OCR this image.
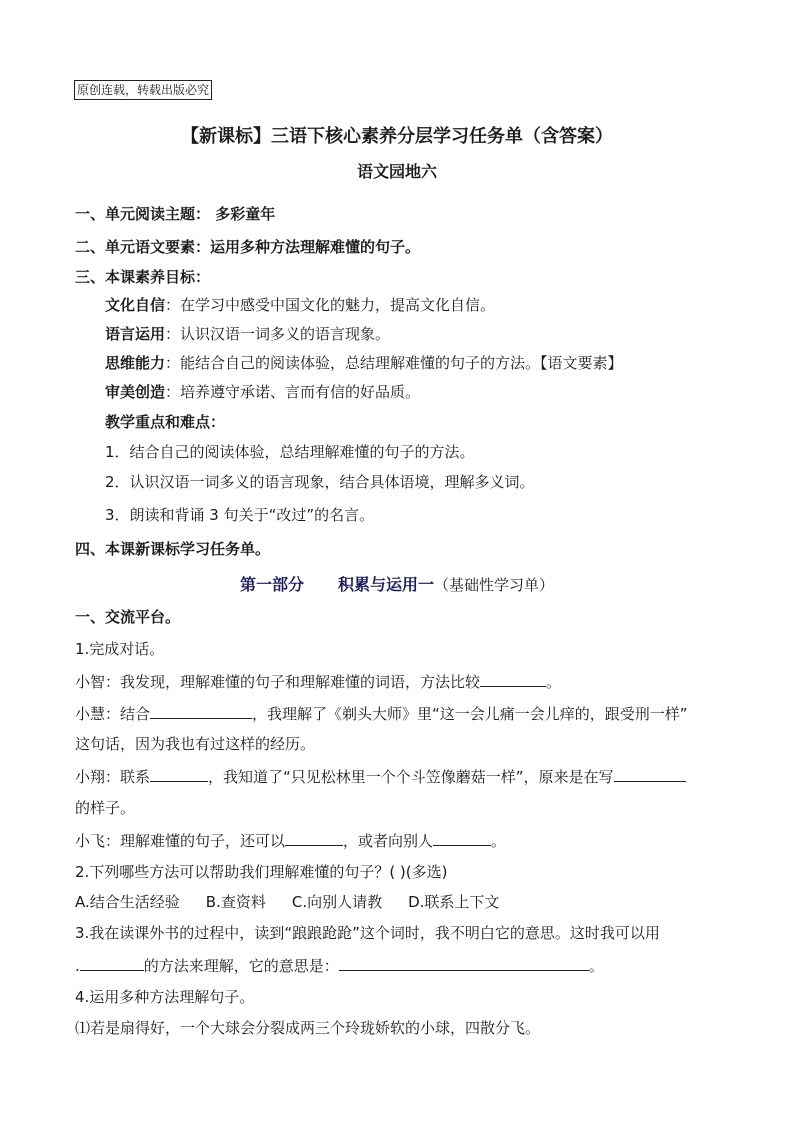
原创连载，转载出版必究
【新课标】三语下核心素养分层学习任务单（含答案）
语文园地六
一、单元阅读主题： 多彩童年
二、单元语文要素：运用多种方法理解难懂的句子。
三、本课素养目标：
文化自信：在学习中感受中国文化的魅力，提高文化自信。
语言运用：认识汉语一词多义的语言现象。
思维能力：能结合自己的阅读体验，总结理解难懂的句子的方法。【语文要素】
审美创造：培养遵守承诺、言而有信的好品质。
教学重点和难点：
1．结合自己的阅读体验，总结理解难懂的句子的方法。
2．认识汉语一词多义的语言现象，结合具体语境，理解多义词。
3．朗读和背诵 3 句关于“改过”的名言。
四、本课新课标学习任务单。
第一部分 积累与运用一（基础性学习单）
一、交流平台。
1.完成对话。
小智：我发现，理解难懂的句子和理解难懂的词语，方法比较	。
小慧：结合	，我理解了《剃头大师》里“这一会儿痛一会儿痒的，跟受刑一样”
这句话，因为我也有过这样的经历。
小翔：联系	，我知道了“只见松林里一个个斗笠像蘑菇一样”，原来是在写
的样子。
小飞：理解难懂的句子，还可以	，或者向别人	。
2.下列哪些方法可以帮助我们理解难懂的句子？( )(多选)
A.结合生活经验 B.查资料 C.向别人请教 D.联系上下文
3.我在读课外书的过程中，读到“踉踉跄跄”这个词时，我不明白它的意思。这时我可以用
.	的方法来理解，它的意思是：	。
4.运用多种方法理解句子。
⑴若是扇得好，一个大球会分裂成两三个玲珑娇软的小球，四散分飞。
